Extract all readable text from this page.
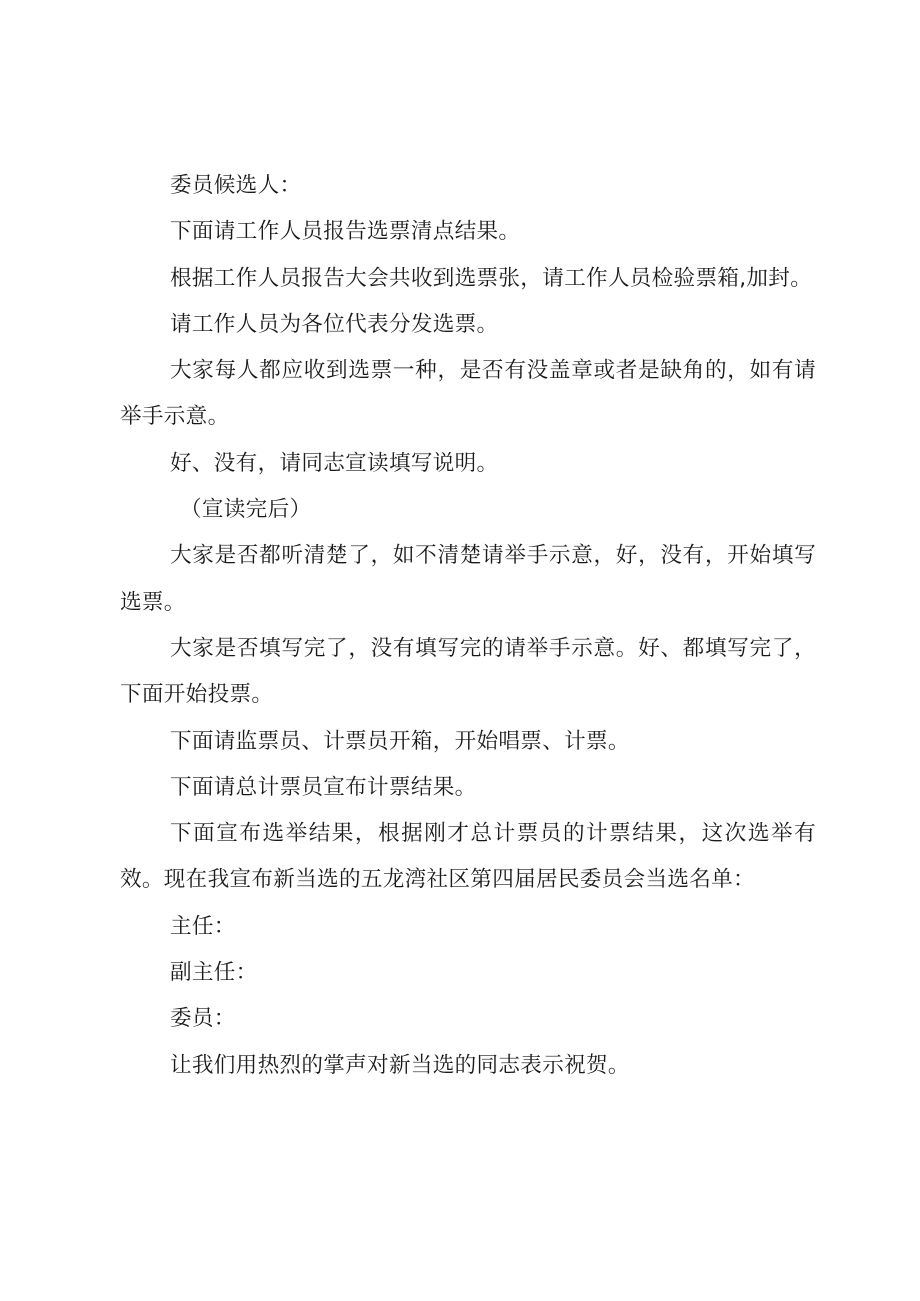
委员候选人：

下面请工作人员报告选票清点结果。

根据工作人员报告大会共收到选票张，请工作人员检验票箱,加封。

请工作人员为各位代表分发选票。

大家每人都应收到选票一种，是否有没盖章或者是缺角的，如有请举手示意。

好、没有，请同志宣读填写说明。

（宣读完后）

大家是否都听清楚了，如不清楚请举手示意，好，没有，开始填写选票。

大家是否填写完了，没有填写完的请举手示意。好、都填写完了，下面开始投票。

下面请监票员、计票员开箱，开始唱票、计票。

下面请总计票员宣布计票结果。

下面宣布选举结果，根据刚才总计票员的计票结果，这次选举有效。现在我宣布新当选的五龙湾社区第四届居民委员会当选名单：

主任：

副主任：

委员：

让我们用热烈的掌声对新当选的同志表示祝贺。
